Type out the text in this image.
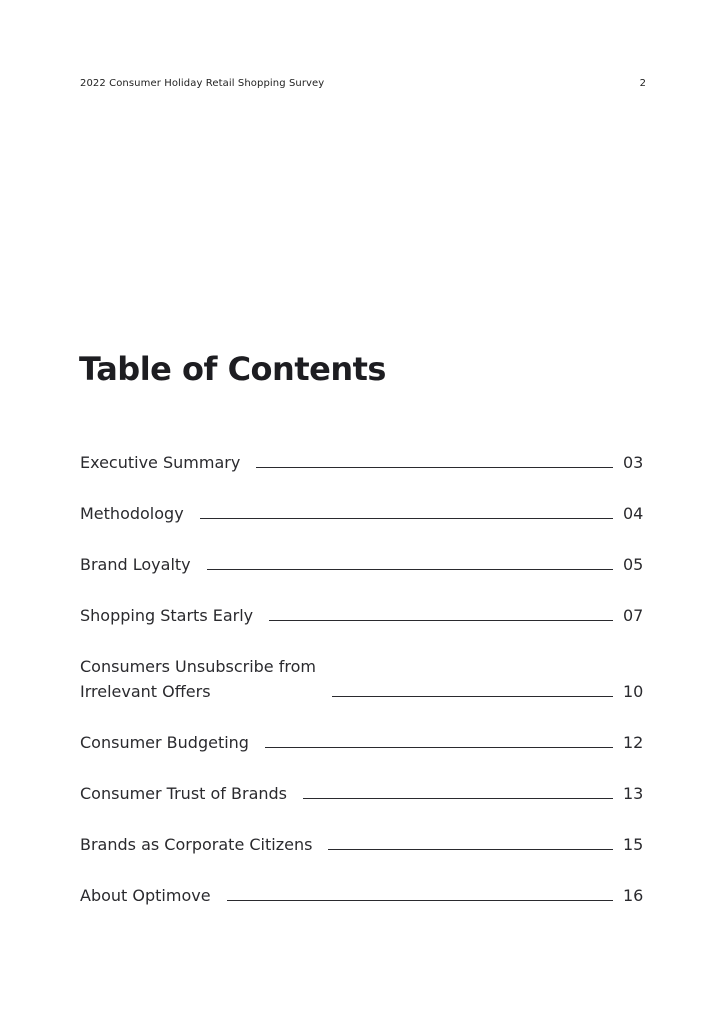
2022 Consumer Holiday Retail Shopping Survey	2
Table of Contents
Executive Summary	03
Methodology	04
Brand Loyalty	05
Shopping Starts Early	07
Consumers Unsubscribe from
Irrelevant Offers	10
Consumer Budgeting	12
Consumer Trust of Brands	13
Brands as Corporate Citizens	15
About Optimove	16
